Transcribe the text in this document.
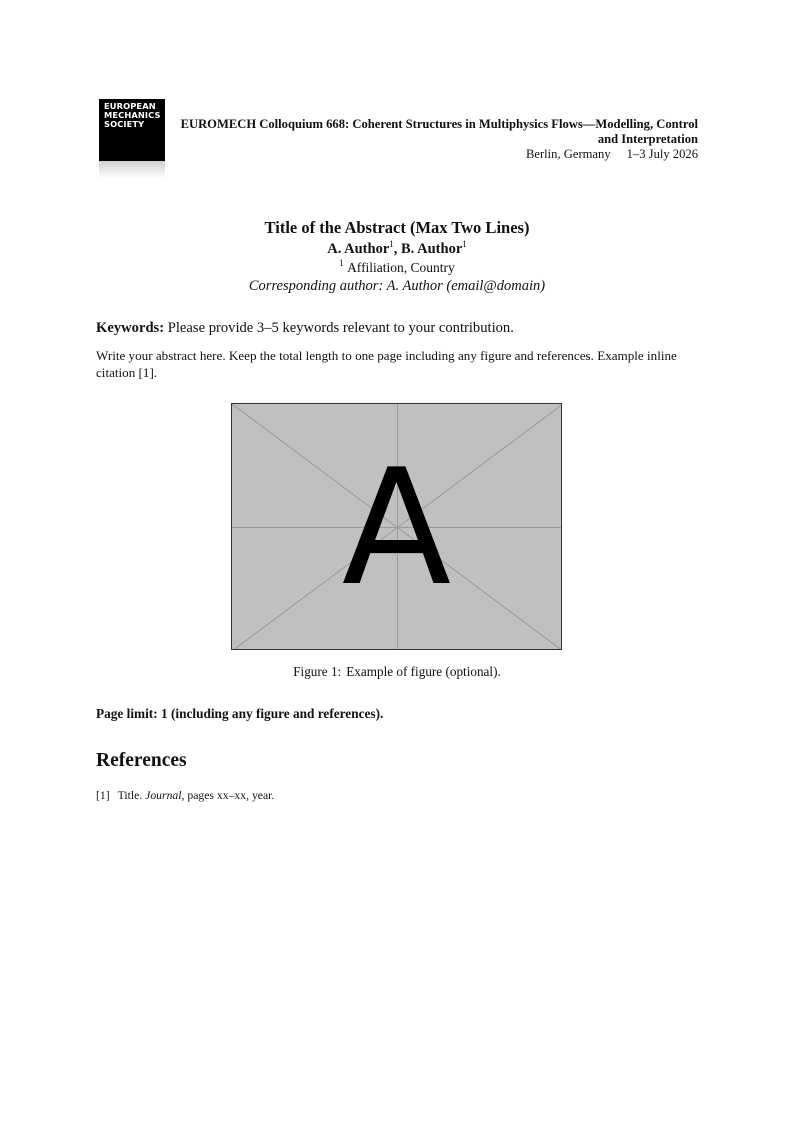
EUROPEAN
MECHANICS
SOCIETY	EUROMECH Colloquium 668: Coherent Structures in Multiphysics Flows—Modelling, Control
and Interpretation
Berlin, Germany 1–3 July 2026
Title of the Abstract (Max Two Lines)
A. Author$^1$, B. Author$^1$
$^1$ Affiliation, Country
Corresponding author: A. Author (email@domain)
Keywords: Please provide 3–5 keywords relevant to your contribution.
Write your abstract here. Keep the total length to one page including any figure and references. Example inline citation [1].
A
Figure 1: Example of figure (optional).
Page limit: 1 (including any figure and references).
References
[1] Title. Journal, pages xx–xx, year.
